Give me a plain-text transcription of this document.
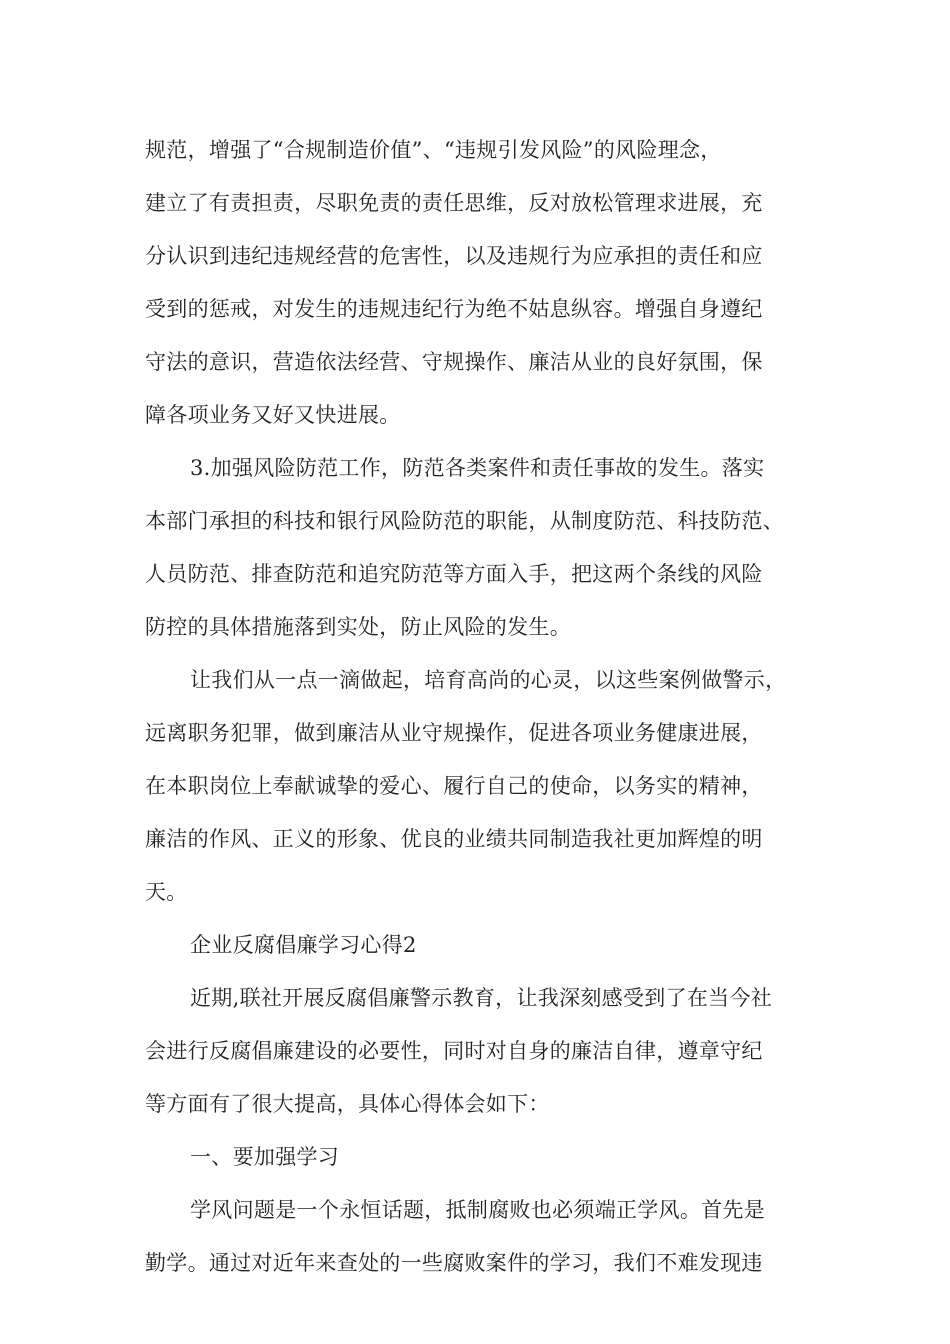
规范，增强了“合规制造价值”、“违规引发风险”的风险理念，
建立了有责担责，尽职免责的责任思维，反对放松管理求进展，充
分认识到违纪违规经营的危害性，以及违规行为应承担的责任和应
受到的惩戒，对发生的违规违纪行为绝不姑息纵容。增强自身遵纪
守法的意识，营造依法经营、守规操作、廉洁从业的良好氛围，保
障各项业务又好又快进展。
3.加强风险防范工作，防范各类案件和责任事故的发生。落实
本部门承担的科技和银行风险防范的职能，从制度防范、科技防范、
人员防范、排查防范和追究防范等方面入手，把这两个条线的风险
防控的具体措施落到实处，防止风险的发生。
让我们从一点一滴做起，培育高尚的心灵，以这些案例做警示，
远离职务犯罪，做到廉洁从业守规操作，促进各项业务健康进展，
在本职岗位上奉献诚挚的爱心、履行自己的使命，以务实的精神，
廉洁的作风、正义的形象、优良的业绩共同制造我社更加辉煌的明
天。
企业反腐倡廉学习心得2
近期,联社开展反腐倡廉警示教育，让我深刻感受到了在当今社
会进行反腐倡廉建设的必要性，同时对自身的廉洁自律，遵章守纪
等方面有了很大提高，具体心得体会如下：
一、要加强学习
学风问题是一个永恒话题，抵制腐败也必须端正学风。首先是
勤学。通过对近年来查处的一些腐败案件的学习，我们不难发现违
